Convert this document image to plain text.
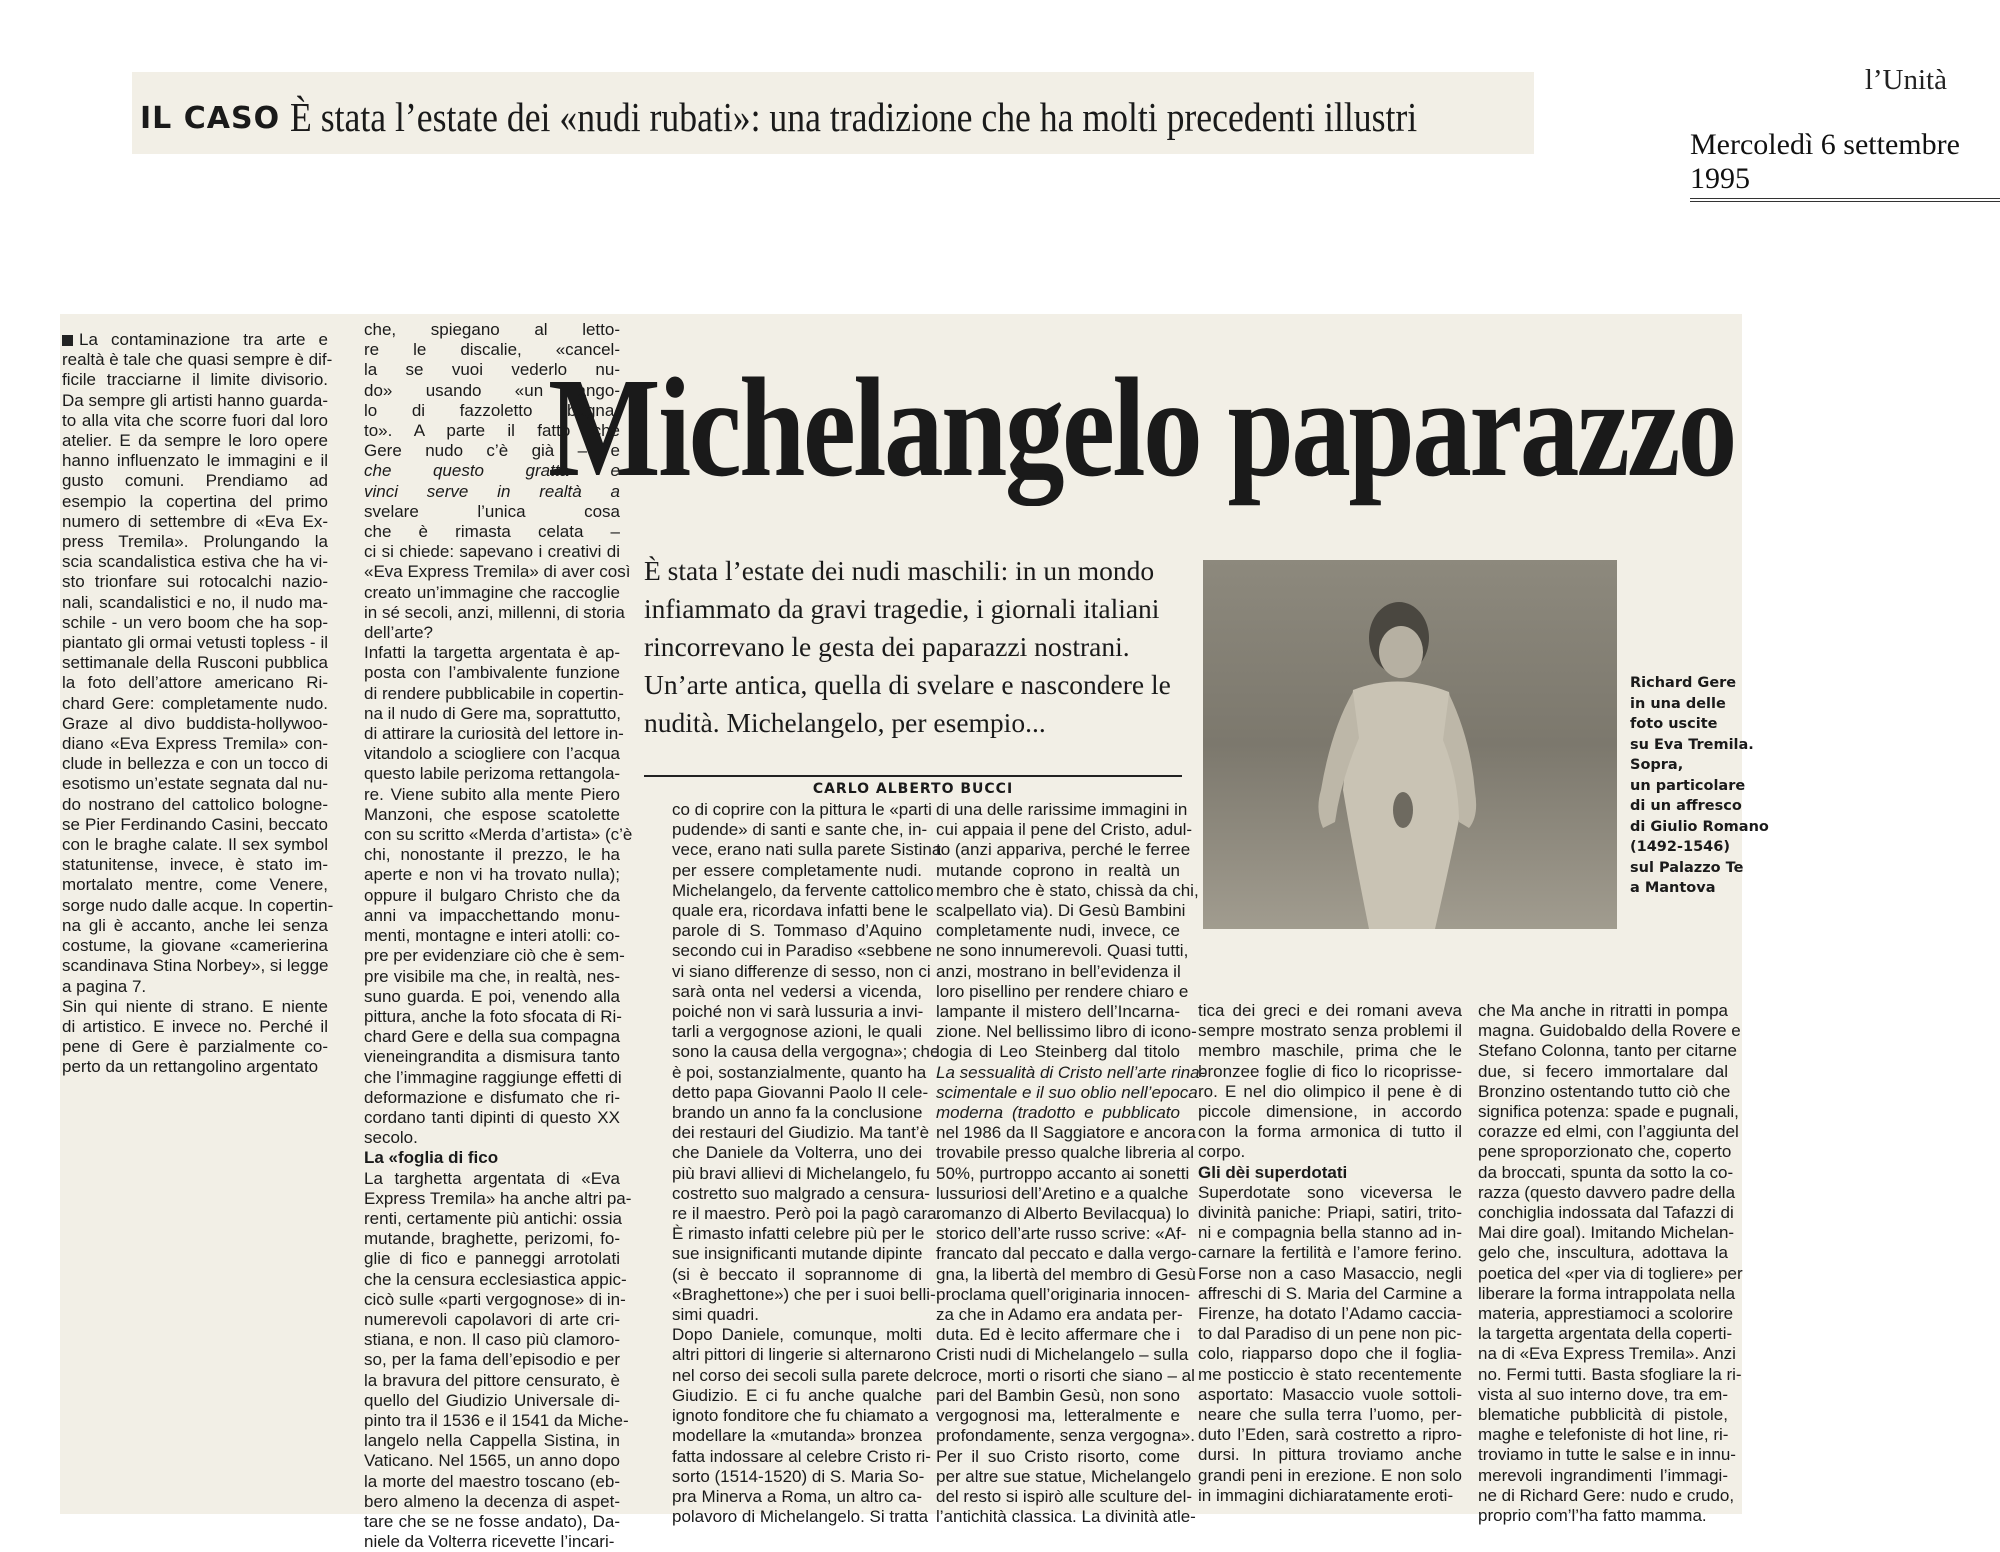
IL CASO È stata l’estate dei «nudi rubati»: una tradizione che ha molti precedenti illustri
l’Unità
Mercoledì 6 settembre 1995
Michelangelo paparazzo
È stata l’estate dei nudi maschili: in un mondo
infiammato da gravi tragedie, i giornali italiani
rincorrevano le gesta dei paparazzi nostrani.
Un’arte antica, quella di svelare e nascondere le
nudità. Michelangelo, per esempio...
CARLO ALBERTO BUCCI
Richard Gere
in una delle
foto uscite
su Eva Tremila.
Sopra,
un particolare
di un affresco
di Giulio Romano
(1492-1546)
sul Palazzo Te
a Mantova
La contaminazione tra arte e
realtà è tale che quasi sempre è dif-
ficile tracciarne il limite divisorio.
Da sempre gli artisti hanno guarda-
to alla vita che scorre fuori dal loro
atelier. E da sempre le loro opere
hanno influenzato le immagini e il
gusto comuni. Prendiamo ad
esempio la copertina del primo
numero di settembre di «Eva Ex-
press Tremila». Prolungando la
scia scandalistica estiva che ha vi-
sto trionfare sui rotocalchi nazio-
nali, scandalistici e no, il nudo ma-
schile - un vero boom che ha sop-
piantato gli ormai vetusti topless - il
settimanale della Rusconi pubblica
la foto dell’attore americano Ri-
chard Gere: completamente nudo.
Graze al divo buddista-hollywoo-
diano «Eva Express Tremila» con-
clude in bellezza e con un tocco di
esotismo un’estate segnata dal nu-
do nostrano del cattolico bologne-
se Pier Ferdinando Casini, beccato
con le braghe calate. Il sex symbol
statunitense, invece, è stato im-
mortalato mentre, come Venere,
sorge nudo dalle acque. In copertin-
na gli è accanto, anche lei senza
costume, la giovane «camerierina
scandinava Stina Norbey», si legge
a pagina 7.
Sin qui niente di strano. E niente
di artistico. E invece no. Perché il
pene di Gere è parzialmente co-
perto da un rettangolino argentato
che, spiegano al letto-
re le discalie, «cancel-
la se vuoi vederlo nu-
do» usando «un ango-
lo di fazzoletto bagna-
to». A parte il fatto che
Gere nudo c’è già – e
che questo gratta e
vinci serve in realtà a
svelare l’unica cosa
che è rimasta celata –
ci si chiede: sapevano i creativi di
«Eva Express Tremila» di aver così
creato un’immagine che raccoglie
in sé secoli, anzi, millenni, di storia
dell’arte?
Infatti la targetta argentata è ap-
posta con l’ambivalente funzione
di rendere pubblicabile in copertin-
na il nudo di Gere ma, soprattutto,
di attirare la curiosità del lettore in-
vitandolo a sciogliere con l’acqua
questo labile perizoma rettangola-
re. Viene subito alla mente Piero
Manzoni, che espose scatolette
con su scritto «Merda d’artista» (c’è
chi, nonostante il prezzo, le ha
aperte e non vi ha trovato nulla);
oppure il bulgaro Christo che da
anni va impacchettando monu-
menti, montagne e interi atolli: co-
pre per evidenziare ciò che è sem-
pre visibile ma che, in realtà, nes-
suno guarda. E poi, venendo alla
pittura, anche la foto sfocata di Ri-
chard Gere e della sua compagna
vieneingrandita a dismisura tanto
che l’immagine raggiunge effetti di
deformazione e disfumato che ri-
cordano tanti dipinti di questo XX
secolo.
La «foglia di fico
La targhetta argentata di «Eva
Express Tremila» ha anche altri pa-
renti, certamente più antichi: ossia
mutande, braghette, perizomi, fo-
glie di fico e panneggi arrotolati
che la censura ecclesiastica appic-
cicò sulle «parti vergognose» di in-
numerevoli capolavori di arte cri-
stiana, e non. Il caso più clamoro-
so, per la fama dell’episodio e per
la bravura del pittore censurato, è
quello del Giudizio Universale di-
pinto tra il 1536 e il 1541 da Miche-
langelo nella Cappella Sistina, in
Vaticano. Nel 1565, un anno dopo
la morte del maestro toscano (eb-
bero almeno la decenza di aspet-
tare che se ne fosse andato), Da-
niele da Volterra ricevette l’incari-
co di coprire con la pittura le «parti
pudende» di santi e sante che, in-
vece, erano nati sulla parete Sistina
per essere completamente nudi.
Michelangelo, da fervente cattolico
quale era, ricordava infatti bene le
parole di S. Tommaso d’Aquino
secondo cui in Paradiso «sebbene
vi siano differenze di sesso, non ci
sarà onta nel vedersi a vicenda,
poiché non vi sarà lussuria a invi-
tarli a vergognose azioni, le quali
sono la causa della vergogna»; che
è poi, sostanzialmente, quanto ha
detto papa Giovanni Paolo II cele-
brando un anno fa la conclusione
dei restauri del Giudizio. Ma tant’è
che Daniele da Volterra, uno dei
più bravi allievi di Michelangelo, fu
costretto suo malgrado a censura-
re il maestro. Però poi la pagò cara.
È rimasto infatti celebre più per le
sue insignificanti mutande dipinte
(si è beccato il soprannome di
«Braghettone») che per i suoi belli-
simi quadri.
Dopo Daniele, comunque, molti
altri pittori di lingerie si alternarono
nel corso dei secoli sulla parete del
Giudizio. E ci fu anche qualche
ignoto fonditore che fu chiamato a
modellare la «mutanda» bronzea
fatta indossare al celebre Cristo ri-
sorto (1514-1520) di S. Maria So-
pra Minerva a Roma, un altro ca-
polavoro di Michelangelo. Si tratta
di una delle rarissime immagini in
cui appaia il pene del Cristo, adul-
to (anzi appariva, perché le ferree
mutande coprono in realtà un
membro che è stato, chissà da chi,
scalpellato via). Di Gesù Bambini
completamente nudi, invece, ce
ne sono innumerevoli. Quasi tutti,
anzi, mostrano in bell’evidenza il
loro pisellino per rendere chiaro e
lampante il mistero dell’Incarna-
zione. Nel bellissimo libro di icono-
logia di Leo Steinberg dal titolo
La sessualità di Cristo nell’arte rina-
scimentale e il suo oblio nell’epoca
moderna (tradotto e pubblicato
nel 1986 da Il Saggiatore e ancora
trovabile presso qualche libreria al
50%, purtroppo accanto ai sonetti
lussuriosi dell’Aretino e a qualche
romanzo di Alberto Bevilacqua) lo
storico dell’arte russo scrive: «Af-
francato dal peccato e dalla vergo-
gna, la libertà del membro di Gesù
proclama quell’originaria innocen-
za che in Adamo era andata per-
duta. Ed è lecito affermare che i
Cristi nudi di Michelangelo – sulla
croce, morti o risorti che siano – al
pari del Bambin Gesù, non sono
vergognosi ma, letteralmente e
profondamente, senza vergogna».
Per il suo Cristo risorto, come
per altre sue statue, Michelangelo
del resto si ispirò alle sculture del-
l’antichità classica. La divinità atle-
tica dei greci e dei romani aveva
sempre mostrato senza problemi il
membro maschile, prima che le
bronzee foglie di fico lo ricoprisse-
ro. E nel dio olimpico il pene è di
piccole dimensione, in accordo
con la forma armonica di tutto il
corpo.
Gli dèi superdotati
Superdotate sono viceversa le
divinità paniche: Priapi, satiri, trito-
ni e compagnia bella stanno ad in-
carnare la fertilità e l’amore ferino.
Forse non a caso Masaccio, negli
affreschi di S. Maria del Carmine a
Firenze, ha dotato l’Adamo caccia-
to dal Paradiso di un pene non pic-
colo, riapparso dopo che il foglia-
me posticcio è stato recentemente
asportato: Masaccio vuole sottoli-
neare che sulla terra l’uomo, per-
duto l’Eden, sarà costretto a ripro-
dursi. In pittura troviamo anche
grandi peni in erezione. E non solo
in immagini dichiaratamente eroti-
che Ma anche in ritratti in pompa
magna. Guidobaldo della Rovere e
Stefano Colonna, tanto per citarne
due, si fecero immortalare dal
Bronzino ostentando tutto ciò che
significa potenza: spade e pugnali,
corazze ed elmi, con l’aggiunta del
pene sproporzionato che, coperto
da broccati, spunta da sotto la co-
razza (questo davvero padre della
conchiglia indossata dal Tafazzi di
Mai dire goal). Imitando Michelan-
gelo che, insculturа, adottava la
poetica del «per via di togliere» per
liberare la forma intrappolata nella
materia, apprestiamoci a scolorire
la targetta argentata della coperti-
na di «Eva Express Tremila». Anzi
no. Fermi tutti. Basta sfogliare la ri-
vista al suo interno dove, tra em-
blematiche pubblicità di pistole,
maghe e telefoniste di hot line, ri-
troviamo in tutte le salse e in innu-
merevoli ingrandimenti l’immagi-
ne di Richard Gere: nudo e crudo,
proprio com’l’ha fatto mamma.
